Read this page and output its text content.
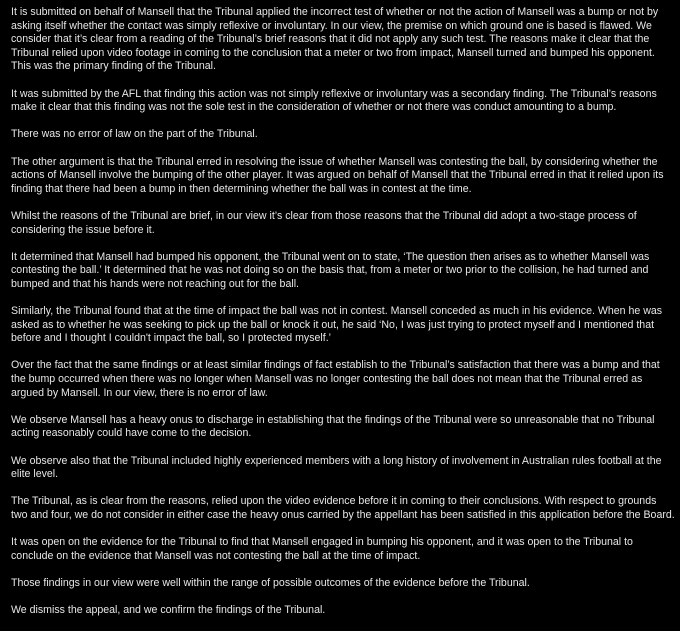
It is submitted on behalf of Mansell that the Tribunal applied the incorrect test of whether or not the action of Mansell was a bump or not by asking itself whether the contact was simply reflexive or involuntary. In our view, the premise on which ground one is based is flawed. We consider that it’s clear from a reading of the Tribunal’s brief reasons that it did not apply any such test. The reasons make it clear that the Tribunal relied upon video footage in coming to the conclusion that a meter or two from impact, Mansell turned and bumped his opponent. This was the primary finding of the Tribunal.

It was submitted by the AFL that finding this action was not simply reflexive or involuntary was a secondary finding. The Tribunal’s reasons make it clear that this finding was not the sole test in the consideration of whether or not there was conduct amounting to a bump.

There was no error of law on the part of the Tribunal.

The other argument is that the Tribunal erred in resolving the issue of whether Mansell was contesting the ball, by considering whether the actions of Mansell involve the bumping of the other player. It was argued on behalf of Mansell that the Tribunal erred in that it relied upon its finding that there had been a bump in then determining whether the ball was in contest at the time.

Whilst the reasons of the Tribunal are brief, in our view it’s clear from those reasons that the Tribunal did adopt a two-stage process of considering the issue before it.

It determined that Mansell had bumped his opponent, the Tribunal went on to state, ‘The question then arises as to whether Mansell was contesting the ball.’ It determined that he was not doing so on the basis that, from a meter or two prior to the collision, he had turned and bumped and that his hands were not reaching out for the ball.

Similarly, the Tribunal found that at the time of impact the ball was not in contest. Mansell conceded as much in his evidence. When he was asked as to whether he was seeking to pick up the ball or knock it out, he said ‘No, I was just trying to protect myself and I mentioned that before and I thought I couldn't impact the ball, so I protected myself.’

Over the fact that the same findings or at least similar findings of fact establish to the Tribunal’s satisfaction that there was a bump and that the bump occurred when there was no longer when Mansell was no longer contesting the ball does not mean that the Tribunal erred as argued by Mansell. In our view, there is no error of law.

We observe Mansell has a heavy onus to discharge in establishing that the findings of the Tribunal were so unreasonable that no Tribunal acting reasonably could have come to the decision.

We observe also that the Tribunal included highly experienced members with a long history of involvement in Australian rules football at the elite level.

The Tribunal, as is clear from the reasons, relied upon the video evidence before it in coming to their conclusions. With respect to grounds two and four, we do not consider in either case the heavy onus carried by the appellant has been satisfied in this application before the Board.

It was open on the evidence for the Tribunal to find that Mansell engaged in bumping his opponent, and it was open to the Tribunal to conclude on the evidence that Mansell was not contesting the ball at the time of impact.

Those findings in our view were well within the range of possible outcomes of the evidence before the Tribunal.

We dismiss the appeal, and we confirm the findings of the Tribunal.
